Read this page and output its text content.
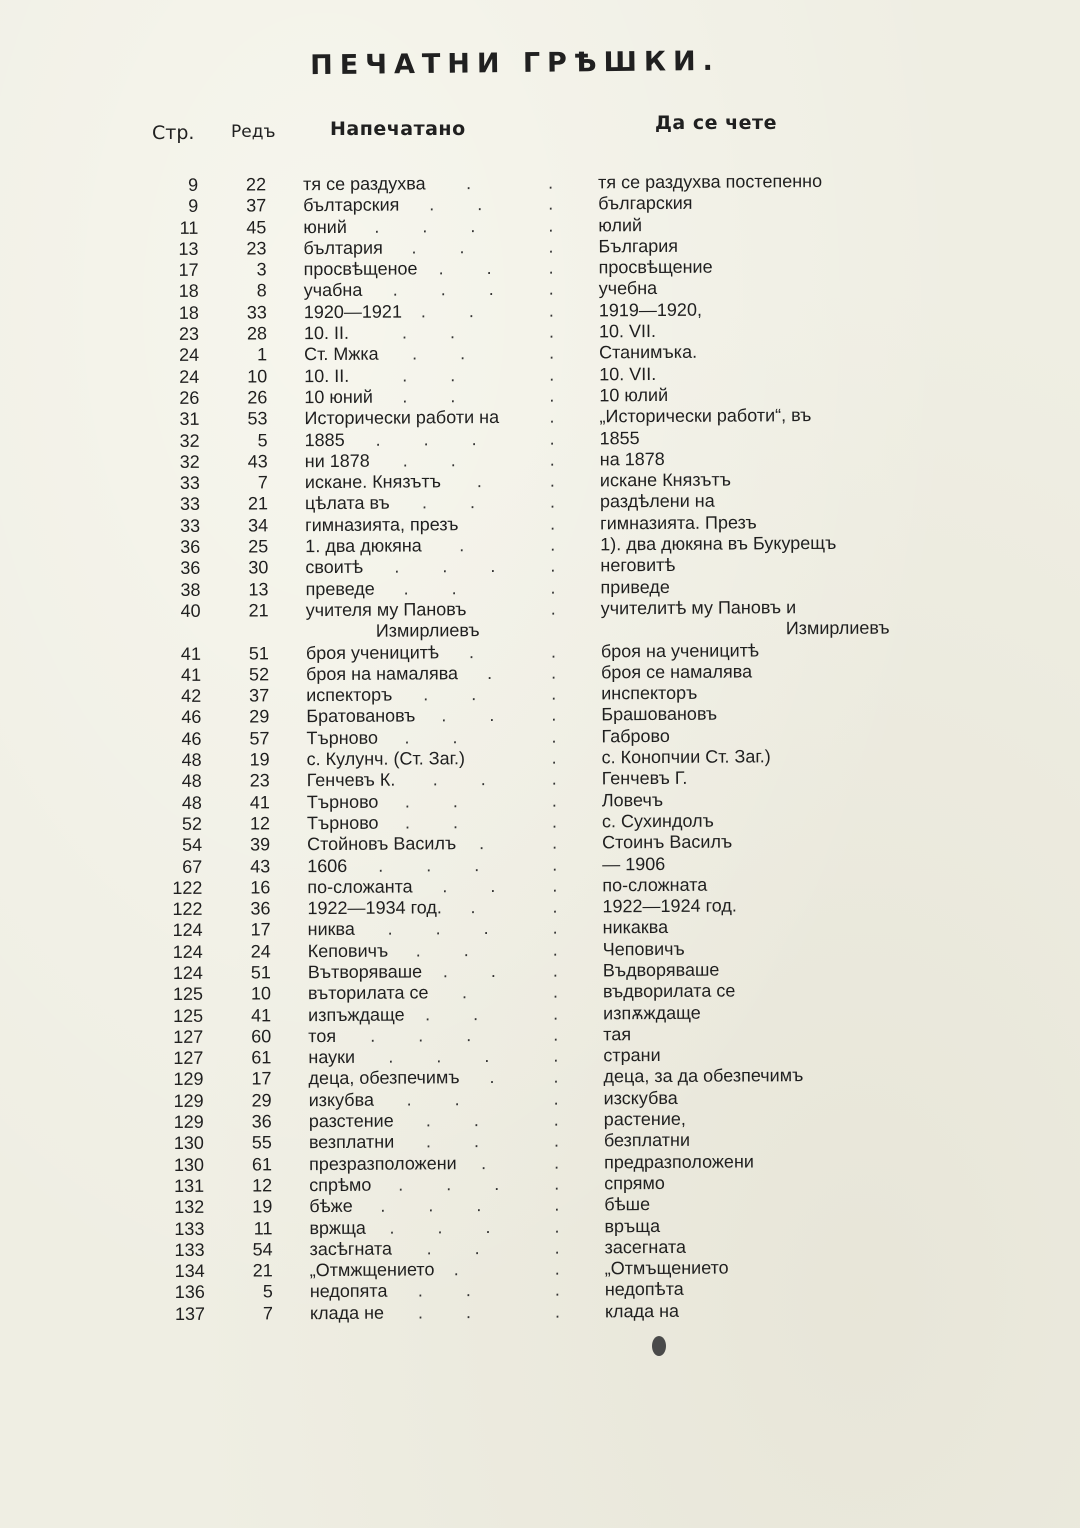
ПЕЧАТНИ ГРѢШКИ.
Стр. Редъ	Напечатано	Да се чете
9	22 тя се раздухва	тя се раздухва постепенно
.
.
9	37 бълтарския	българския
.
. .
11	45 юний	юлий
.
. . .
13	23 бълтария	България
.
. .
17	3 просвѣщеное	просвѣщение
.
. .
18	8 учабна	учебна
.
. . .
18	33 1920—1921	1919—1920,
.
. .
23	28 10. II.	10. VII.
.
. .
24	1 Ст. Мжка	Станимъка.
.
. .
24	10 10. II.	10. VII.
.
. .
26	26 10 юний	10 юлий
.
. .
31	53 Исторически работи на	„Исторически работи“, въ
.
32	5 1885	1855
.
. . .
32	43 ни 1878	на 1878
.
. .
33	7 искане. Князътъ	искане Князътъ
.
.
33	21 цѣлата въ	раздѣлени на
.
. .
33	34 гимназията, презъ	гимназията. Презъ
.
36	25 1. два дюкяна	1). два дюкяна въ Букурещъ
.
.
36	30 своитѣ	неговитѣ
.
. . .
38	13 преведе	приведе
.
. .
40	21 учителя му Пановъ	учителитѣ му Пановъ и
Измирлиевъ	Измирлиевъ
.
41	51 броя ученицитѣ	броя на ученицитѣ
.
.
41	52 броя на намалява	броя се намалява
.
.
42	37 испекторъ	инспекторъ
.
. .
46	29 Братовановъ	Брашовановъ
.
. .
46	57 Търново	Габрово
.
. .
48	19 с. Кулунч. (Ст. Заг.)	с. Конопчии Ст. Заг.)
.
48	23 Генчевъ К.	Генчевъ Г.
.
. .
48	41 Търново	Ловечъ
.
. .
52	12 Търново	с. Сухиндолъ
.
. .
54	39 Стойновъ Василъ	Стоинъ Василъ
.
.
67	43 1606	— 1906
.
. . .
122	16 по-сложанта	по-сложната
.
. .
122	36 1922—1934 год.	1922—1924 год.
.
.
124	17 никва	никаква
.
. . .
124	24 Кеповичъ	Чеповичъ
.
. .
124	51 Вътворяваше	Въдворяваше
.
. .
125	10 въторилата се	въдворилата се
.
.
125	41 изпъждаще	изпѫждаще
.
. .
127	60 тоя	тая
.
. . .
127	61 науки	страни
.
. . .
129	17 деца, обезпечимъ	деца, за да обезпечимъ
.
.
129	29 изкубва	изскубва
.
. .
129	36 разстение	растение,
.
. .
130	55 везплатни	безплатни
.
. .
130	61 презразположени	предразположени
.
.
131	12 спрѣмо	спрямо
.
. . .
132	19 бѣже	бѣше
.
. . .
133	11 вржща	връща
.
. . .
133	54 засѣгната	засегната
.
. .
134	21 „Отмжщението	„Отмъщението
.
.
136	5 недопята	недопѣта
.
. .
137	7 клада не	клада на
.
. .
